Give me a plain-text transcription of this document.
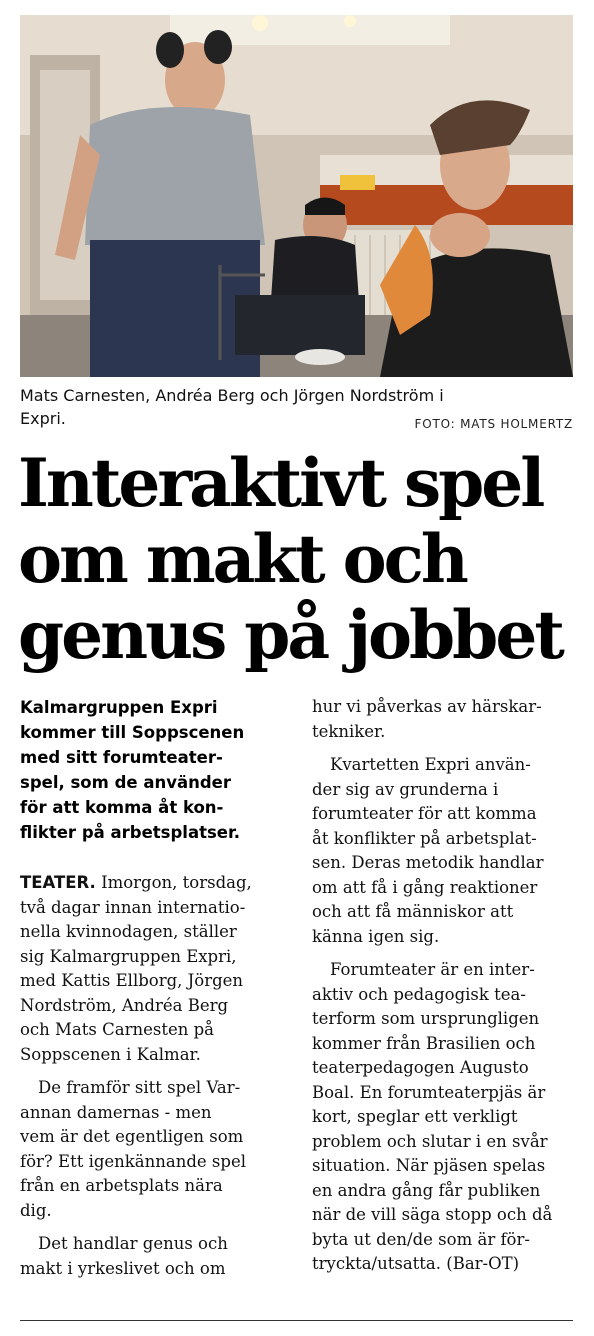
Mats Carnesten, Andréa Berg och Jörgen Nordström i
Expri.	FOTO: MATS HOLMERTZ
Interaktivt spel
om makt och
genus på jobbet
Kalmargruppen Expri
kommer till Soppscenen
med sitt forumteater-
spel, som de använder
för att komma åt kon-
flikter på arbetsplatser.
TEATER. Imorgon, torsdag,
två dagar innan internatio-
nella kvinnodagen, ställer
sig Kalmargruppen Expri,
med Kattis Ellborg, Jörgen
Nordström, Andréa Berg
och Mats Carnesten på
Soppscenen i Kalmar.
De framför sitt spel Var-
annan damernas - men
vem är det egentligen som
för? Ett igenkännande spel
från en arbetsplats nära
dig.
Det handlar genus och
makt i yrkeslivet och om
hur vi påverkas av härskar-
tekniker.
Kvartetten Expri använ-
der sig av grunderna i
forumteater för att komma
åt konflikter på arbetsplat-
sen. Deras metodik handlar
om att få i gång reaktioner
och att få människor att
känna igen sig.
Forumteater är en inter-
aktiv och pedagogisk tea-
terform som ursprungligen
kommer från Brasilien och
teaterpedagogen Augusto
Boal. En forumteaterpjäs är
kort, speglar ett verkligt
problem och slutar i en svår
situation. När pjäsen spelas
en andra gång får publiken
när de vill säga stopp och då
byta ut den/de som är för-
tryckta/utsatta. (Bar-OT)
